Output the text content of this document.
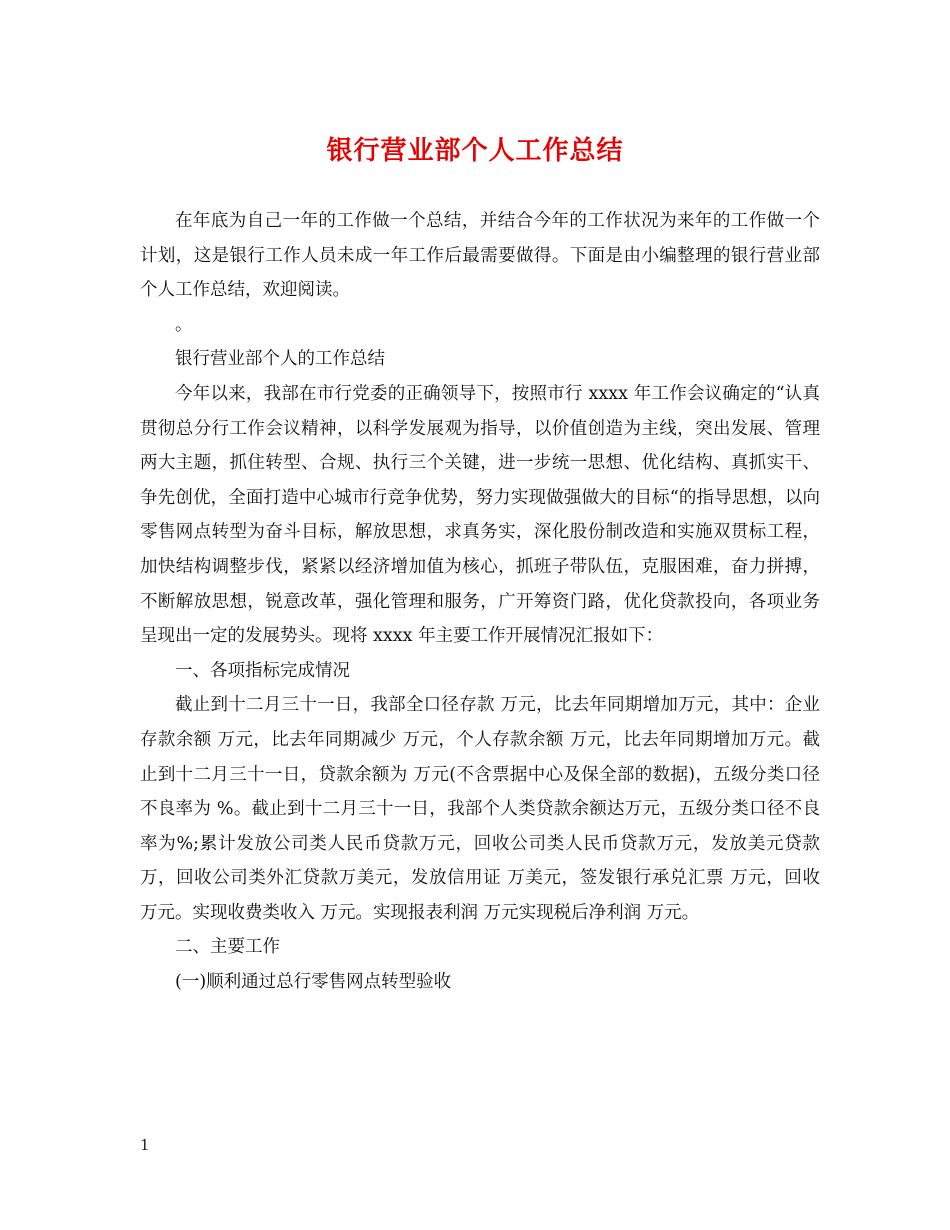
银行营业部个人工作总结

在年底为自己一年的工作做一个总结，并结合今年的工作状况为来年的工作做一个计划，这是银行工作人员未成一年工作后最需要做得。下面是由小编整理的银行营业部个人工作总结，欢迎阅读。

。

银行营业部个人的工作总结

今年以来，我部在市行党委的正确领导下，按照市行 xxxx 年工作会议确定的“认真贯彻总分行工作会议精神，以科学发展观为指导，以价值创造为主线，突出发展、管理两大主题，抓住转型、合规、执行三个关键，进一步统一思想、优化结构、真抓实干、争先创优，全面打造中心城市行竞争优势，努力实现做强做大的目标“的指导思想，以向零售网点转型为奋斗目标，解放思想，求真务实，深化股份制改造和实施双贯标工程，加快结构调整步伐，紧紧以经济增加值为核心，抓班子带队伍，克服困难，奋力拼搏，不断解放思想，锐意改革，强化管理和服务，广开筹资门路，优化贷款投向，各项业务呈现出一定的发展势头。现将 xxxx 年主要工作开展情况汇报如下：

一、各项指标完成情况

截止到十二月三十一日，我部全口径存款 万元，比去年同期增加万元，其中：企业存款余额 万元，比去年同期减少 万元，个人存款余额 万元，比去年同期增加万元。截止到十二月三十一日，贷款余额为 万元(不含票据中心及保全部的数据)，五级分类口径不良率为 %。截止到十二月三十一日，我部个人类贷款余额达万元，五级分类口径不良率为%;累计发放公司类人民币贷款万元，回收公司类人民币贷款万元，发放美元贷款 万，回收公司类外汇贷款万美元，发放信用证 万美元，签发银行承兑汇票 万元，回收 万元。实现收费类收入 万元。实现报表利润 万元实现税后净利润 万元。

二、主要工作

(一)顺利通过总行零售网点转型验收

1
